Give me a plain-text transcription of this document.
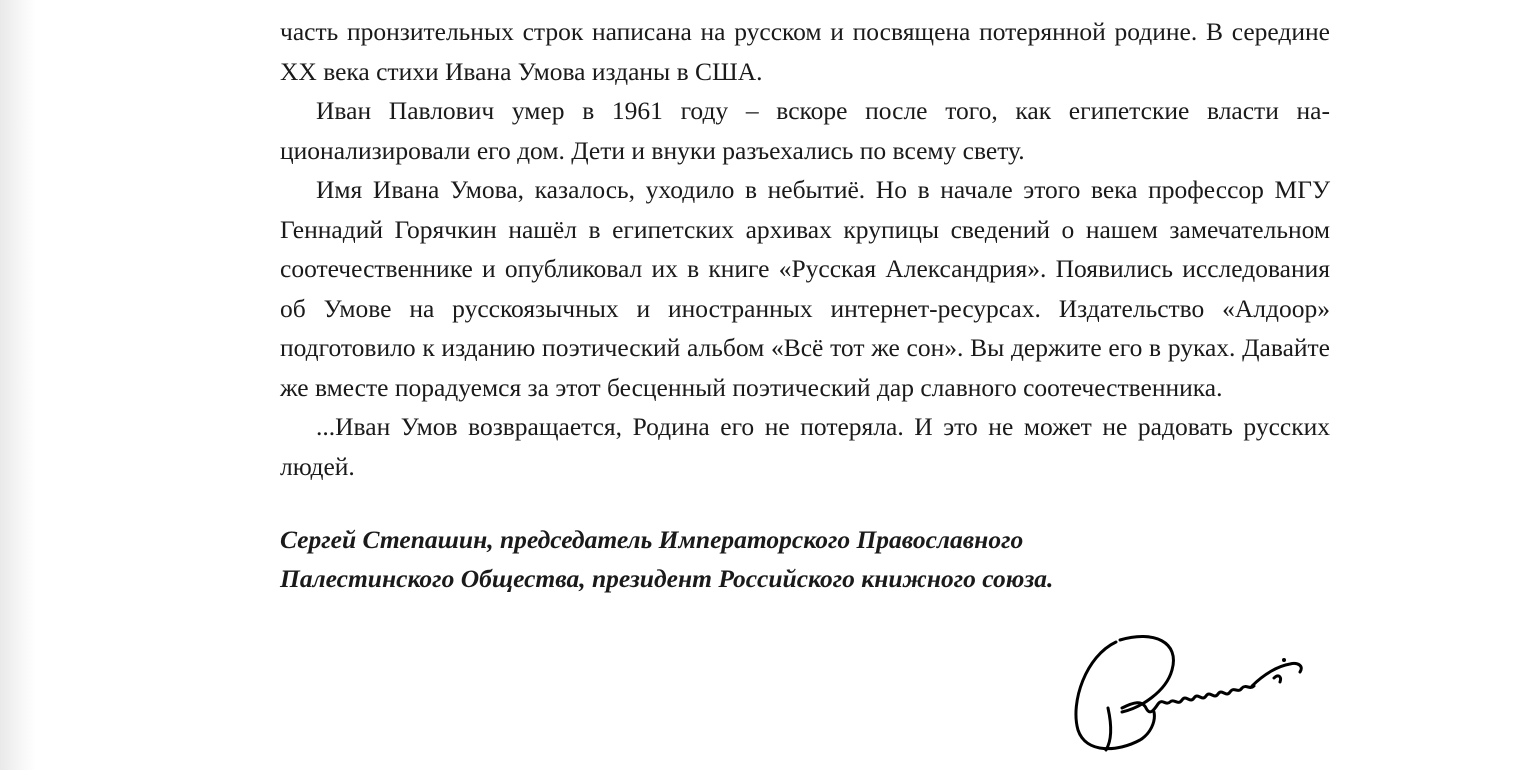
часть пронзительных строк написана на русском и посвящена потерянной родине. В середине XX века стихи Ивана Умова изданы в США.

Иван Павлович умер в 1961 году – вскоре после того, как египетские власти национализировали его дом. Дети и внуки разъехались по всему свету.

Имя Ивана Умова, казалось, уходило в небытиё. Но в начале этого века профессор МГУ Геннадий Горячкин нашёл в египетских архивах крупицы сведений о нашем замечательном соотечественнике и опубликовал их в книге «Русская Александрия». Появились исследования об Умове на русскоязычных и иностранных интернет-ресурсах. Издательство «Алдоор» подготовило к изданию поэтический альбом «Всё тот же сон». Вы держите его в руках. Давайте же вместе порадуемся за этот бесценный поэтический дар славного соотечественника.

...Иван Умов возвращается, Родина его не потеряла. И это не может не радовать русских людей.

Сергей Степашин, председатель Императорского Православного
Палестинского Общества, президент Российского книжного союза.
